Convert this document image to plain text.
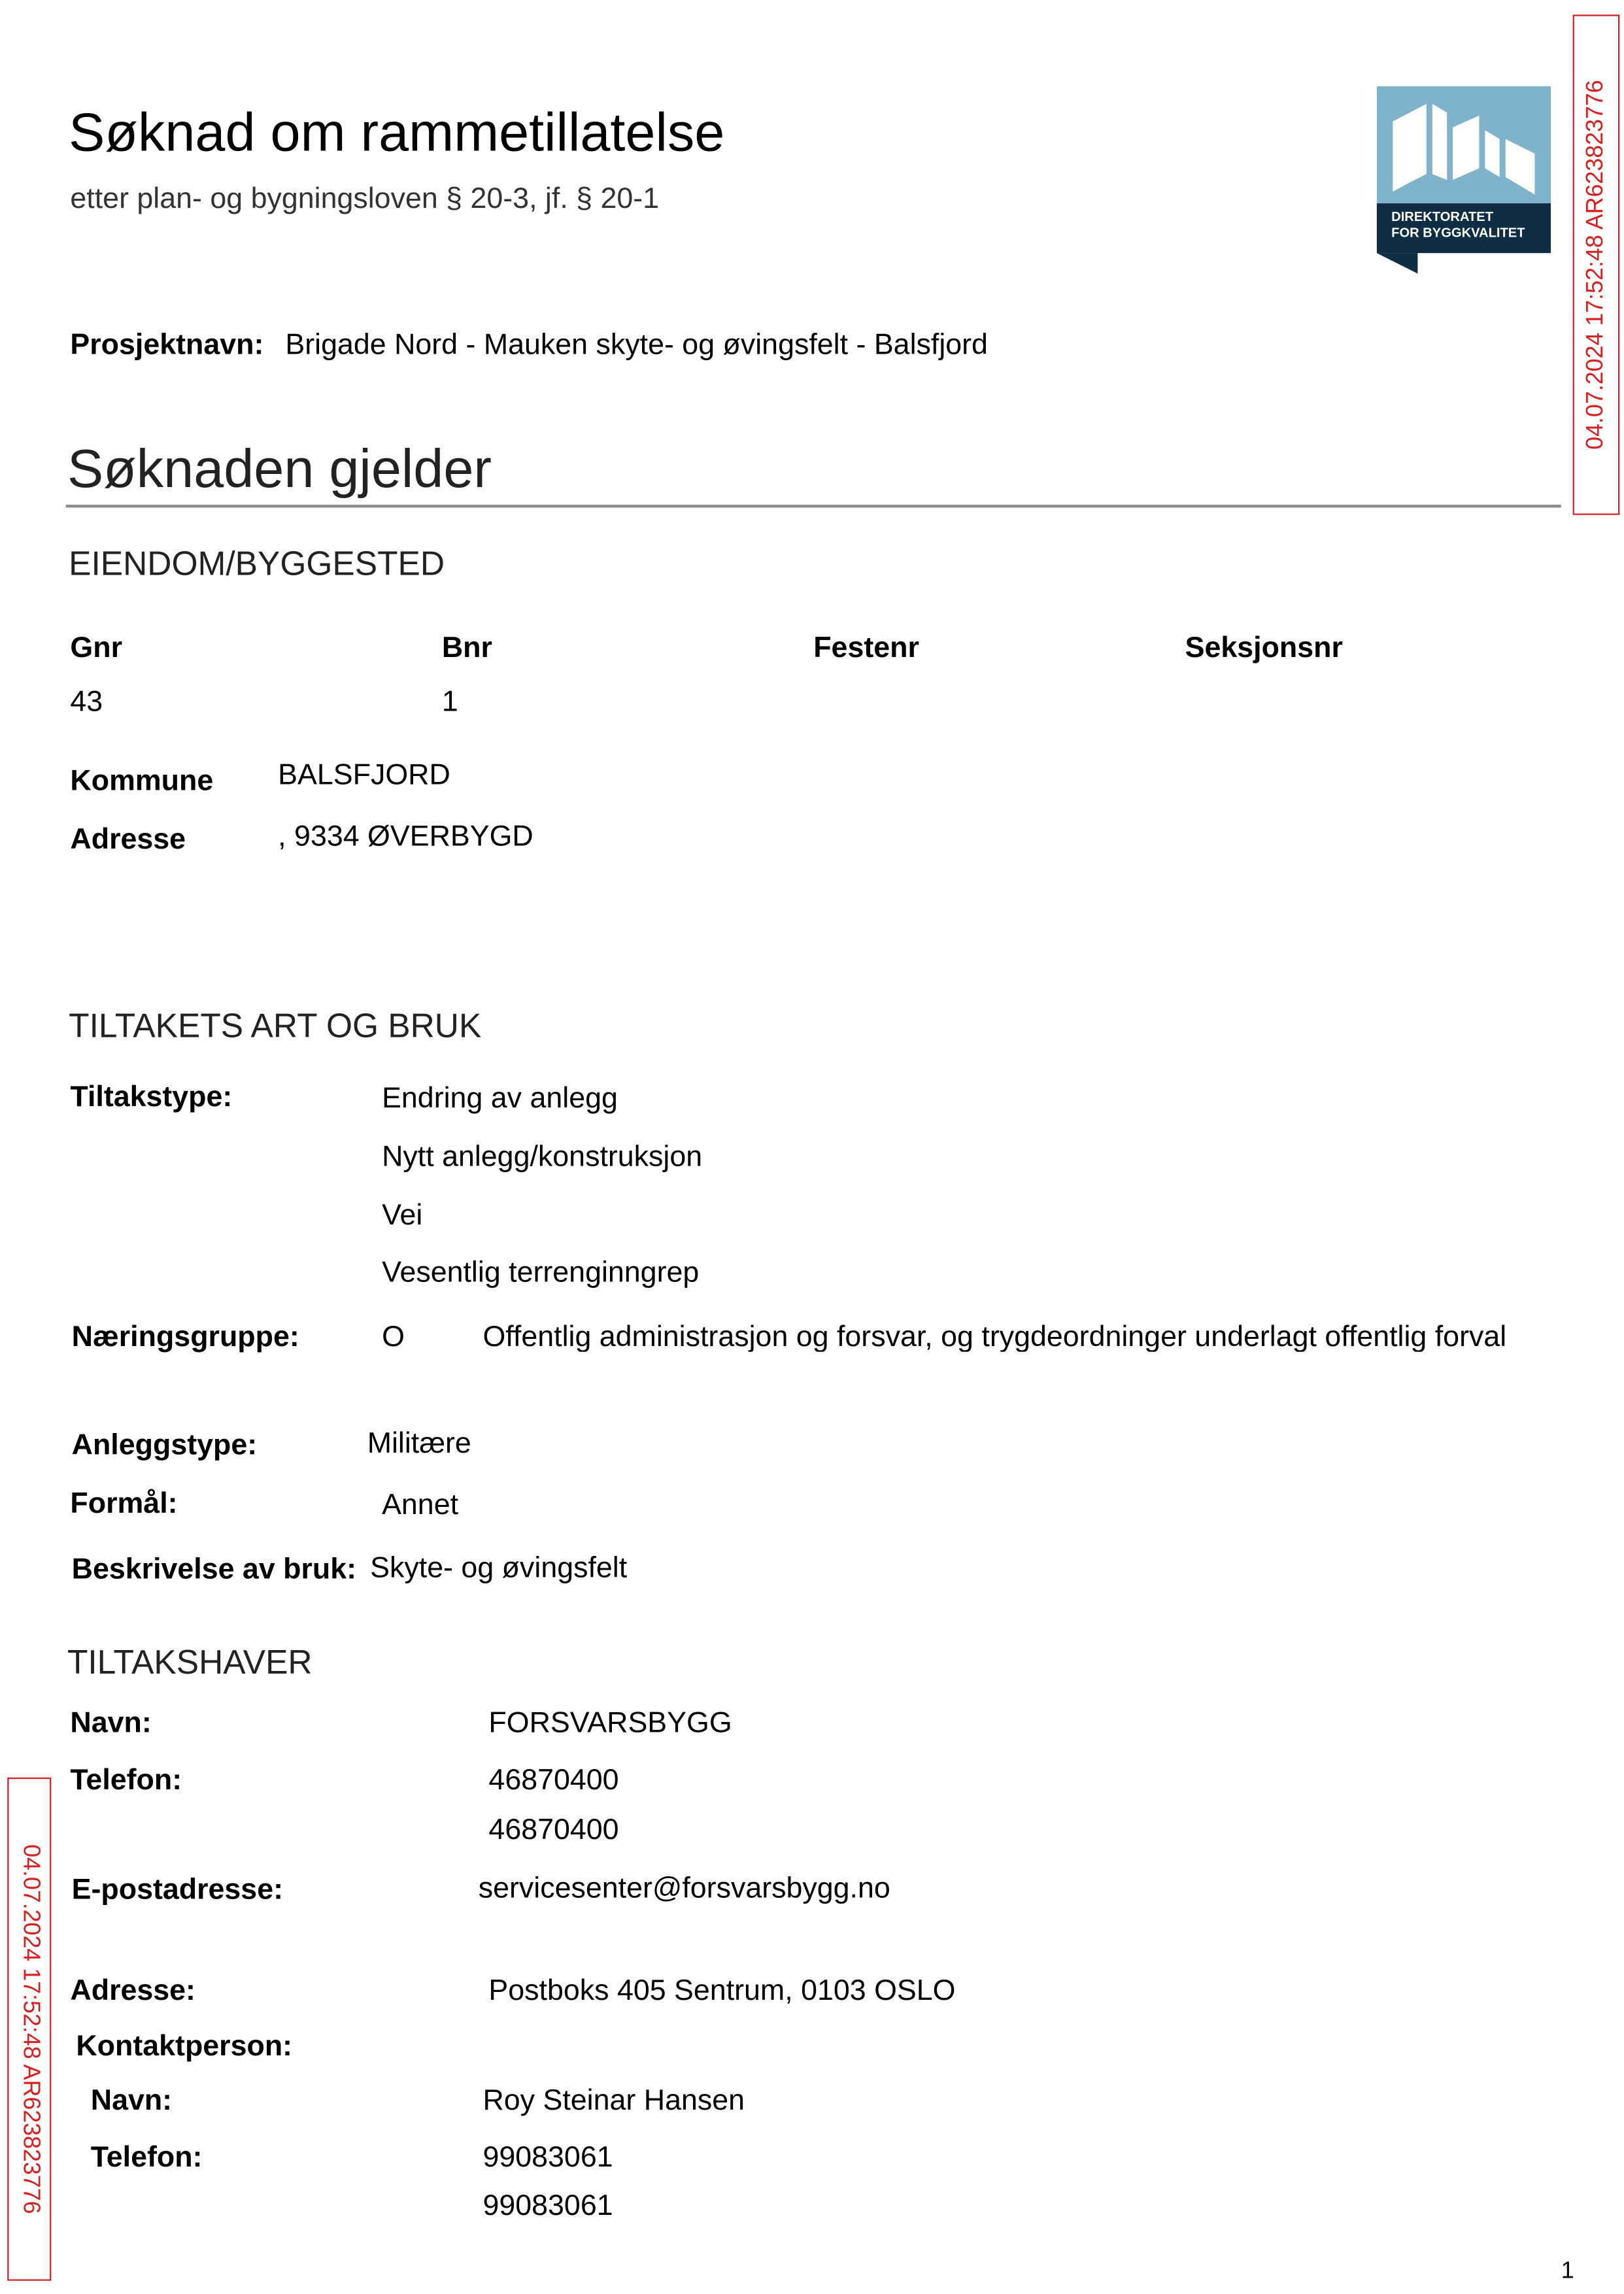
Søknad om rammetillatelse
etter plan- og bygningsloven § 20-3, jf. § 20-1
DIREKTORATET
FOR BYGGKVALITET	04.07.2024 17:52:48 AR623823776
04.07.2024 17:52:48 AR623823776
Prosjektnavn: Brigade Nord - Mauken skyte- og øvingsfelt - Balsfjord
Søknaden gjelder
EIENDOM/BYGGESTED
Gnr	Bnr	Festenr	Seksjonsnr
43	1
Kommune	BALSFJORD
Adresse	, 9334 ØVERBYGD
TILTAKETS ART OG BRUK
Tiltakstype:	Endring av anlegg
Nytt anlegg/konstruksjon
Vei
Vesentlig terrenginngrep
Næringsgruppe:	O	Offentlig administrasjon og forsvar, og trygdeordninger underlagt offentlig forval
Anleggstype:	Militære
Formål:	Annet
Beskrivelse av bruk: Skyte- og øvingsfelt
TILTAKSHAVER
Navn:	FORSVARSBYGG
Telefon:	46870400
46870400
E-postadresse:	servicesenter@forsvarsbygg.no
Adresse:	Postboks 405 Sentrum, 0103 OSLO
Kontaktperson:
Navn:	Roy Steinar Hansen
Telefon:	99083061
99083061
1
